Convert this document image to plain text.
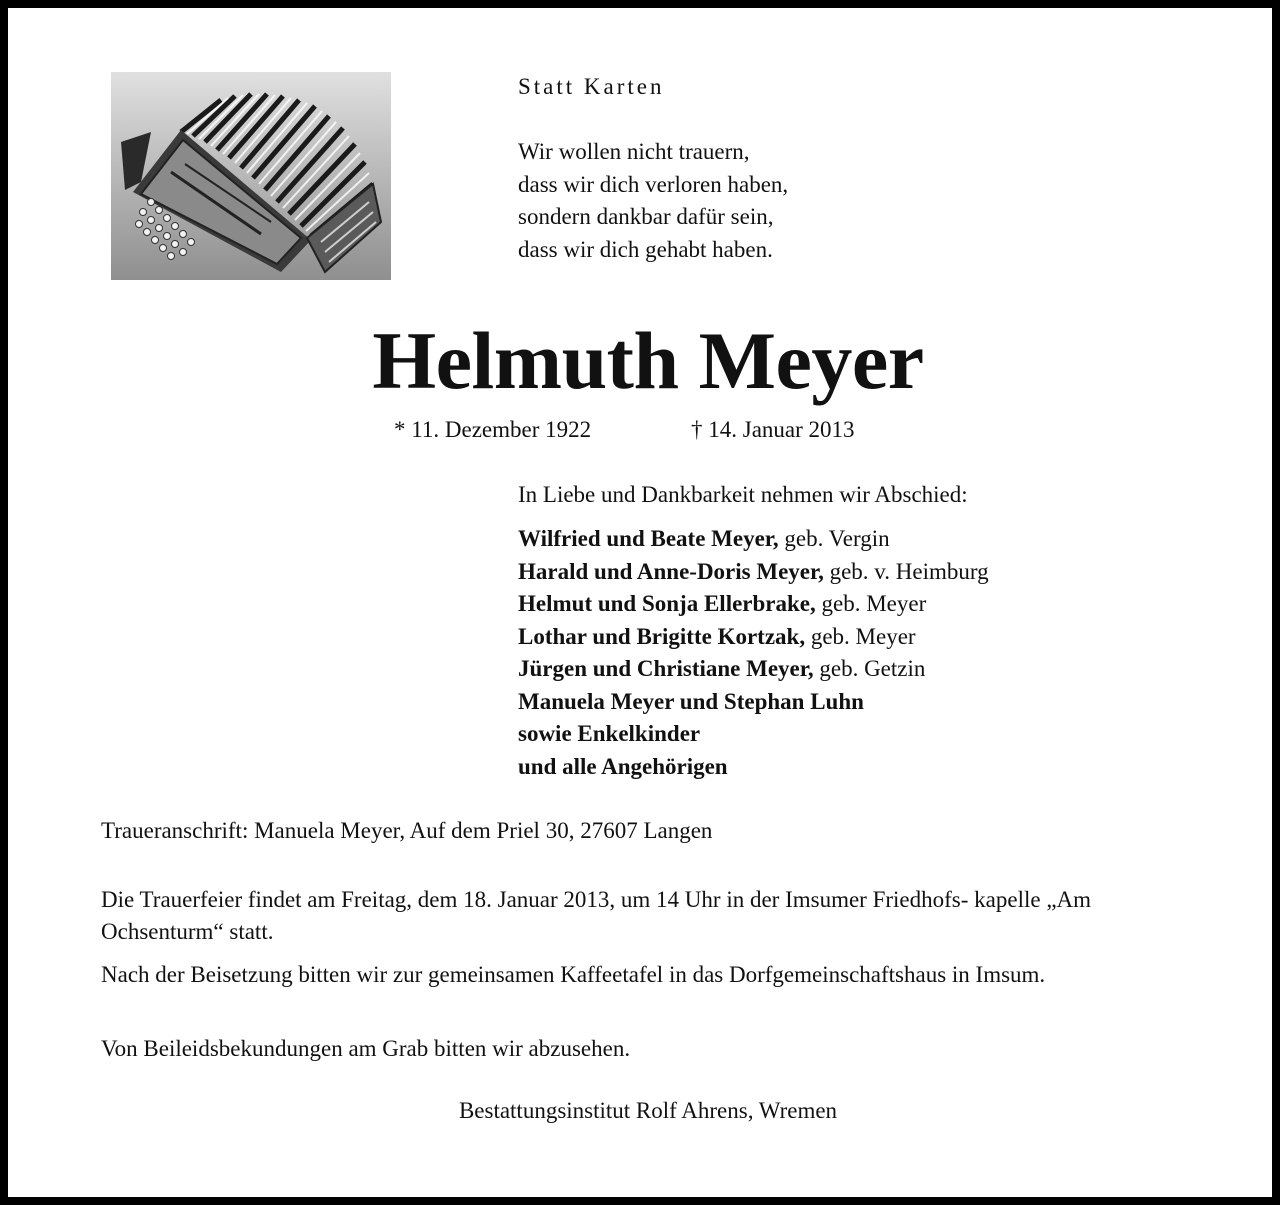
Statt Karten
Wir wollen nicht trauern,
dass wir dich verloren haben,
sondern dankbar dafür sein,
dass wir dich gehabt haben.
Helmuth Meyer
* 11. Dezember 1922	† 14. Januar 2013
In Liebe und Dankbarkeit nehmen wir Abschied:
Wilfried und Beate Meyer, geb. Vergin
Harald und Anne-Doris Meyer, geb. v. Heimburg
Helmut und Sonja Ellerbrake, geb. Meyer
Lothar und Brigitte Kortzak, geb. Meyer
Jürgen und Christiane Meyer, geb. Getzin
Manuela Meyer und Stephan Luhn
sowie Enkelkinder
und alle Angehörigen
Traueranschrift: Manuela Meyer, Auf dem Priel 30, 27607 Langen
Die Trauerfeier findet am Freitag, dem 18. Januar 2013, um 14 Uhr in der Imsumer Friedhofs- kapelle „Am Ochsenturm“ statt.
Nach der Beisetzung bitten wir zur gemeinsamen Kaffeetafel in das Dorfgemeinschaftshaus in Imsum.
Von Beileidsbekundungen am Grab bitten wir abzusehen.
Bestattungsinstitut Rolf Ahrens, Wremen
